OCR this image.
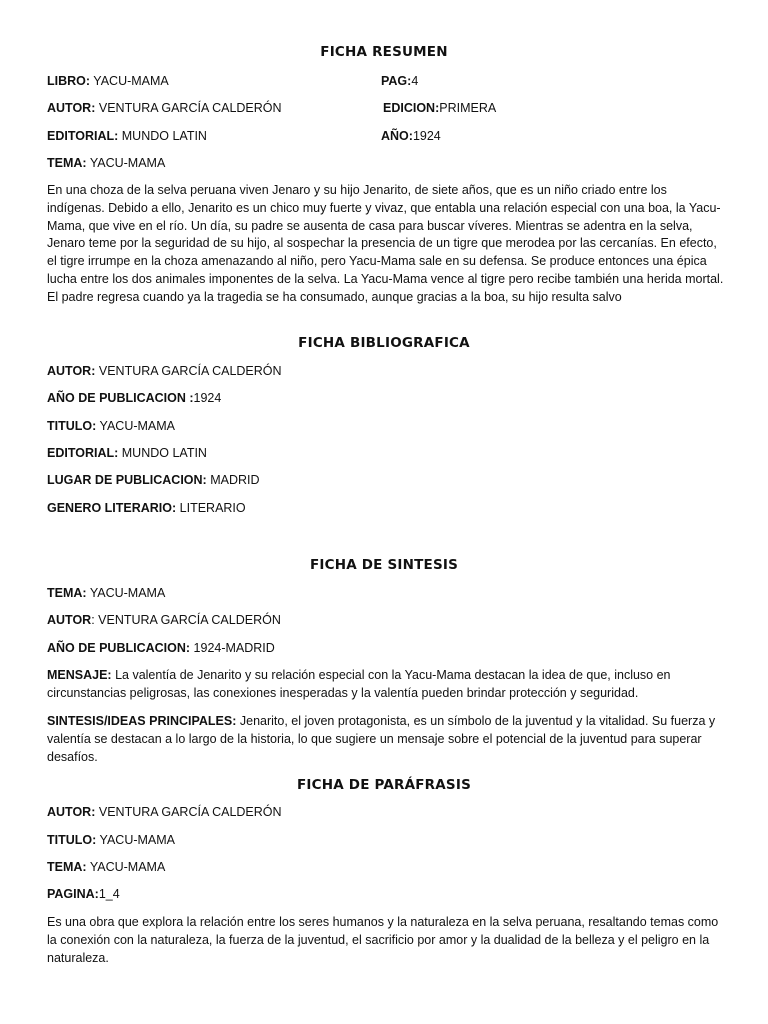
FICHA RESUMEN
LIBRO: YACU-MAMA	PAG:4
AUTOR: VENTURA GARCÍA CALDERÓN	EDICION:PRIMERA
EDITORIAL: MUNDO LATIN	AÑO:1924
TEMA: YACU-MAMA
En una choza de la selva peruana viven Jenaro y su hijo Jenarito, de siete años, que es un niño criado entre los indígenas. Debido a ello, Jenarito es un chico muy fuerte y vivaz, que entabla una relación especial con una boa, la Yacu-Mama, que vive en el río. Un día, su padre se ausenta de casa para buscar víveres. Mientras se adentra en la selva, Jenaro teme por la seguridad de su hijo, al sospechar la presencia de un tigre que merodea por las cercanías. En efecto, el tigre irrumpe en la choza amenazando al niño, pero Yacu-Mama sale en su defensa. Se produce entonces una épica lucha entre los dos animales imponentes de la selva. La Yacu-Mama vence al tigre pero recibe también una herida mortal. El padre regresa cuando ya la tragedia se ha consumado, aunque gracias a la boa, su hijo resulta salvo
FICHA BIBLIOGRAFICA
AUTOR: VENTURA GARCÍA CALDERÓN
AÑO DE PUBLICACION :1924
TITULO: YACU-MAMA
EDITORIAL: MUNDO LATIN
LUGAR DE PUBLICACION: MADRID
GENERO LITERARIO: LITERARIO
FICHA DE SINTESIS
TEMA: YACU-MAMA
AUTOR: VENTURA GARCÍA CALDERÓN
AÑO DE PUBLICACION: 1924-MADRID
MENSAJE: La valentía de Jenarito y su relación especial con la Yacu-Mama destacan la idea de que, incluso en circunstancias peligrosas, las conexiones inesperadas y la valentía pueden brindar protección y seguridad.
SINTESIS/IDEAS PRINCIPALES: Jenarito, el joven protagonista, es un símbolo de la juventud y la vitalidad. Su fuerza y valentía se destacan a lo largo de la historia, lo que sugiere un mensaje sobre el potencial de la juventud para superar desafíos.
FICHA DE PARÁFRASIS
AUTOR: VENTURA GARCÍA CALDERÓN
TITULO: YACU-MAMA
TEMA: YACU-MAMA
PAGINA:1_4
Es una obra que explora la relación entre los seres humanos y la naturaleza en la selva peruana, resaltando temas como la conexión con la naturaleza, la fuerza de la juventud, el sacrificio por amor y la dualidad de la belleza y el peligro en la naturaleza.
